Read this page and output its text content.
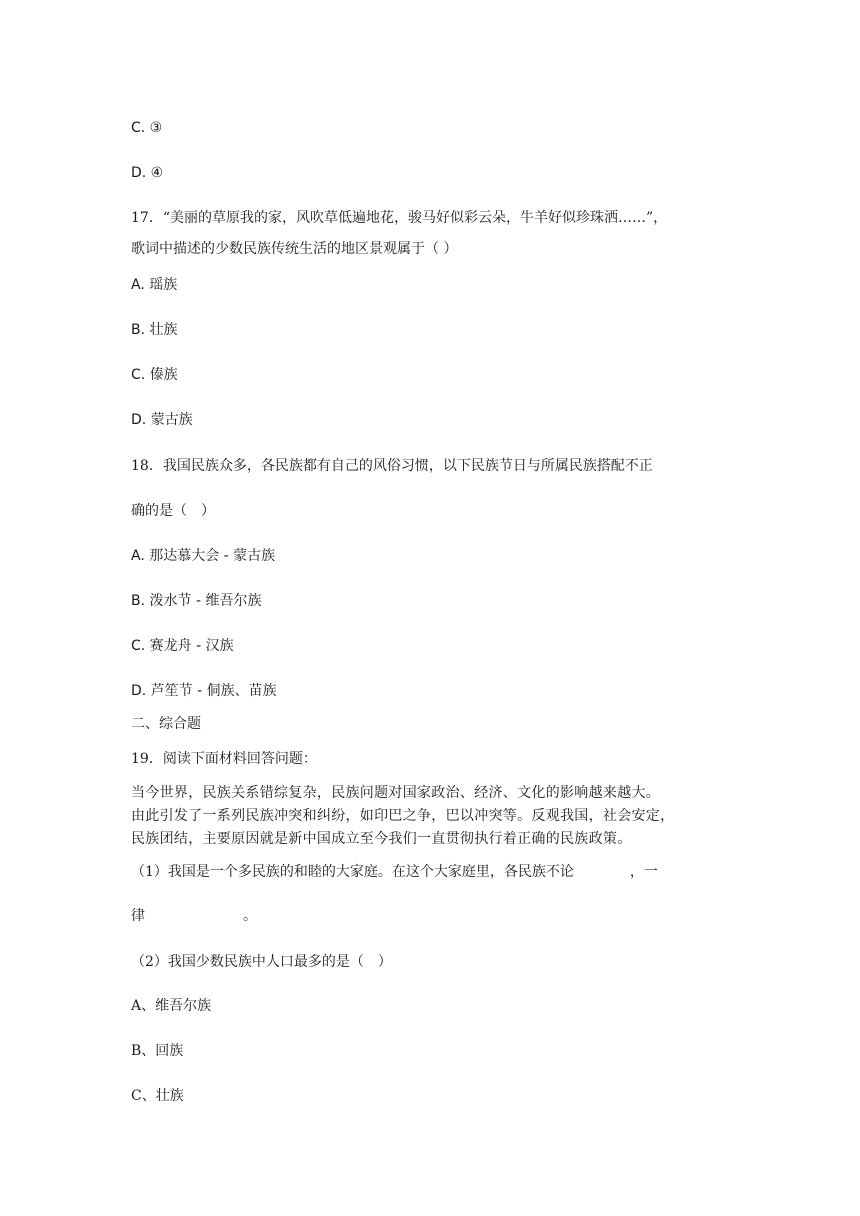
C. ③

D. ④

17．“美丽的草原我的家，风吹草低遍地花，骏马好似彩云朵，牛羊好似珍珠洒……”，

歌词中描述的少数民族传统生活的地区景观属于（ ）

A. 瑶族

B. 壮族

C. 傣族

D. 蒙古族

18．我国民族众多，各民族都有自己的风俗习惯，以下民族节日与所属民族搭配不正

确的是（　）

A. 那达慕大会 - 蒙古族

B. 泼水节 - 维吾尔族

C. 赛龙舟 - 汉族

D. 芦笙节 - 侗族、苗族

二、综合题

19．阅读下面材料回答问题：

当今世界，民族关系错综复杂，民族问题对国家政治、经济、文化的影响越来越大。

由此引发了一系列民族冲突和纠纷，如印巴之争，巴以冲突等。反观我国，社会安定，

民族团结，主要原因就是新中国成立至今我们一直贯彻执行着正确的民族政策。

（1）我国是一个多民族的和睦的大家庭。在这个大家庭里，各民族不论　　　　，一

律　　　　　　　。

（2）我国少数民族中人口最多的是（　）

A、维吾尔族

B、回族

C、壮族
